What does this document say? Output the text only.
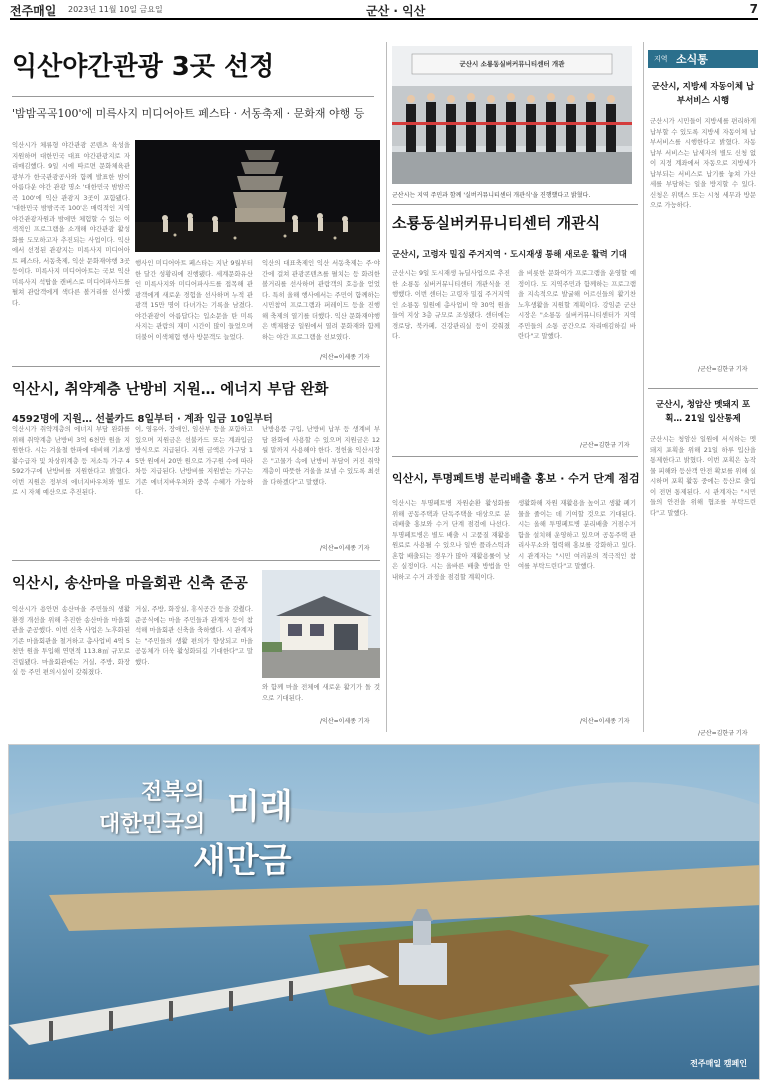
전주매일 2023년 11월 10일 금요일	군산 · 익산	7
익산야간관광 3곳 선정
'밤밤곡곡100'에 미륵사지 미디어아트 페스타 · 서동축제 · 문화재 야행 등
익산시가 체류형 야간관광 콘텐츠 육성을 지원하며 대한민국 대표 야간관광지로 자리매김했다. 9일 시에 따르면 문화체육관광부가 한국관광공사와 함께 발표한 밤이 아름다운 야간 관광 명소 '대한민국 밤밤곡곡 100'에 익산 관광지 3곳이 포함됐다. '대한민국 밤밤곡곡 100'은 매력적인 지역 야간관광자원과 밤에만 체험할 수 있는 이색적인 프로그램을 소개해 야간관광 활성화를 도모하고자 추진되는 사업이다. 익산에서 선정된 관광지는 미륵사지 미디어아트 페스타, 서동축제, 익산 문화재야행 3곳 등이다. 미륵사지 미디어아트는 국보 익산 미륵사지 석탑을 캔버스로 미디어파사드를 펼쳐 관람객에게 색다른 볼거리를 선사했다.
행사인 미디어아트 페스타는 지난 9월부터 한 달간 성황리에 진행됐다. 세계문화유산인 미륵사지와 미디어파사드를 접목해 관광객에게 새로운 경험을 선사하며 누적 관광객 15만 명이 다녀가는 기록을 남겼다. 야간관광이 아름답다는 입소문을 탄 미륵사지는 관람의 재미 시간이 많이 들었으며 더불어 이색체험 행사 방문객도 늘었다.
익산의 대표축제인 익산 서동축제는 주·야간에 걸쳐 관광콘텐츠를 펼치는 등 화려한 볼거리를 선사하며 관람객의 호응을 얻었다. 특히 올해 행사에서는 주민이 함께하는 시민참여 프로그램과 퍼레이드 등을 진행해 축제의 열기를 더했다. 익산 문화재야행은 백제왕궁 일원에서 열려 문화재와 함께하는 야간 프로그램을 선보였다.
/익산=이세종 기자
익산시, 취약계층 난방비 지원… 에너지 부담 완화
4592명에 지원… 선불카드 8일부터 · 계좌 입금 10일부터
익산시가 취약계층의 에너지 부담 완화를 위해 취약계층 난방비 3억 6천만 원을 지원한다. 시는 겨울철 한파에 대비해 기초생활수급자 및 차상위계층 등 저소득 가구 4592가구에 난방비를 지원한다고 밝혔다. 이번 지원은 정부의 에너지바우처와 별도로 시 자체 예산으로 추진된다.
이, 영유아, 장애인, 임산부 등을 포함하고 있으며 지원금은 선불카드 또는 계좌입금 방식으로 지급된다. 지원 금액은 가구당 15만 원에서 20만 원으로 가구원 수에 따라 차등 지급된다. 난방비를 지원받는 가구는 기존 에너지바우처와 중복 수혜가 가능하다.
난방용품 구입, 난방비 납부 등 생계비 부담 완화에 사용할 수 있으며 지원금은 12월 말까지 사용해야 한다. 정헌율 익산시장은 "고물가 속에 난방비 부담이 커진 취약계층이 따뜻한 겨울을 보낼 수 있도록 최선을 다하겠다"고 말했다.
/익산=이세종 기자
익산시, 송산마을 마을회관 신축 준공
익산시가 용안면 송산마을 주민들의 생활환경 개선을 위해 추진한 송산마을 마을회관을 준공했다. 이번 신축 사업은 노후화된 기존 마을회관을 철거하고 총사업비 4억 5천만 원을 투입해 연면적 113.8㎡ 규모로 건립됐다. 마을회관에는 거실, 주방, 화장실 등 주민 편의시설이 갖춰졌다.
거실, 주방, 화장실, 휴식공간 등을 갖췄다. 준공식에는 마을 주민들과 관계자 등이 참석해 마을회관 신축을 축하했다. 시 관계자는 "주민들의 생활 편의가 향상되고 마을 공동체가 더욱 활성화되길 기대한다"고 말했다.
와 함께 마을 전체에 새로운 활기가 돌 것으로 기대된다.
/익산=이세종 기자
군산시 소룡동실버커뮤니티센터 개관
군산시는 지역 주민과 함께 '실버커뮤니티센터 개관식'을 진행했다고 밝혔다.
소룡동실버커뮤니티센터 개관식
군산시, 고령자 밀집 주거지역 · 도시재생 통해 새로운 활력 기대
군산시는 9일 도시재생 뉴딜사업으로 추진한 소룡동 실버커뮤니티센터 개관식을 진행했다. 이번 센터는 고령자 밀집 주거지역인 소룡동 일원에 총사업비 약 30억 원을 들여 지상 3층 규모로 조성됐다. 센터에는 경로당, 북카페, 건강관리실 등이 갖춰졌다.
을 비롯한 문화여가 프로그램을 운영할 예정이다. 도 지역주민과 함께하는 프로그램을 지속적으로 발굴해 어르신들의 활기찬 노후생활을 지원할 계획이다. 강임준 군산시장은 "소룡동 실버커뮤니티센터가 지역 주민들의 소통 공간으로 자리매김하길 바란다"고 말했다.
/군산=김한규 기자
익산시, 투명페트병 분리배출 홍보 · 수거 단계 점검
익산시는 투명페트병 자원순환 활성화를 위해 공동주택과 단독주택을 대상으로 분리배출 홍보와 수거 단계 점검에 나선다. 투명페트병은 별도 배출 시 고품질 재활용 원료로 사용될 수 있으나 일반 플라스틱과 혼합 배출되는 경우가 많아 재활용률이 낮은 실정이다. 시는 올바른 배출 방법을 안내하고 수거 과정을 점검할 계획이다.
생활화해 자원 재활용을 높이고 생활 폐기물을 줄이는 데 기여할 것으로 기대된다. 시는 올해 투명페트병 분리배출 거점수거함을 설치해 운영하고 있으며 공동주택 관리사무소와 협력해 홍보를 강화하고 있다. 시 관계자는 "시민 여러분의 적극적인 참여를 부탁드린다"고 말했다.
/익산=이세종 기자
지역 소식통
군산시, 지방세 자동이체 납부서비스 시행
군산시가 시민들이 지방세를 편리하게 납부할 수 있도록 지방세 자동이체 납부서비스를 시행한다고 밝혔다. 자동납부 서비스는 납세자의 별도 신청 없이 지정 계좌에서 자동으로 지방세가 납부되는 서비스로 납기를 놓쳐 가산세를 부담하는 일을 방지할 수 있다. 신청은 위택스 또는 시청 세무과 방문으로 가능하다.
/군산=김한규 기자
군산시, 청암산 멧돼지 포획… 21일 입산통제
군산시는 청암산 일원에 서식하는 멧돼지 포획을 위해 21일 하루 입산을 통제한다고 밝혔다. 이번 포획은 농작물 피해와 등산객 안전 확보를 위해 실시하며 포획 활동 중에는 등산로 출입이 전면 통제된다. 시 관계자는 "시민들의 안전을 위해 협조를 부탁드린다"고 말했다.
/군산=김한규 기자
전북의
대한민국의 미래
새만금
전주매일 캠페인
